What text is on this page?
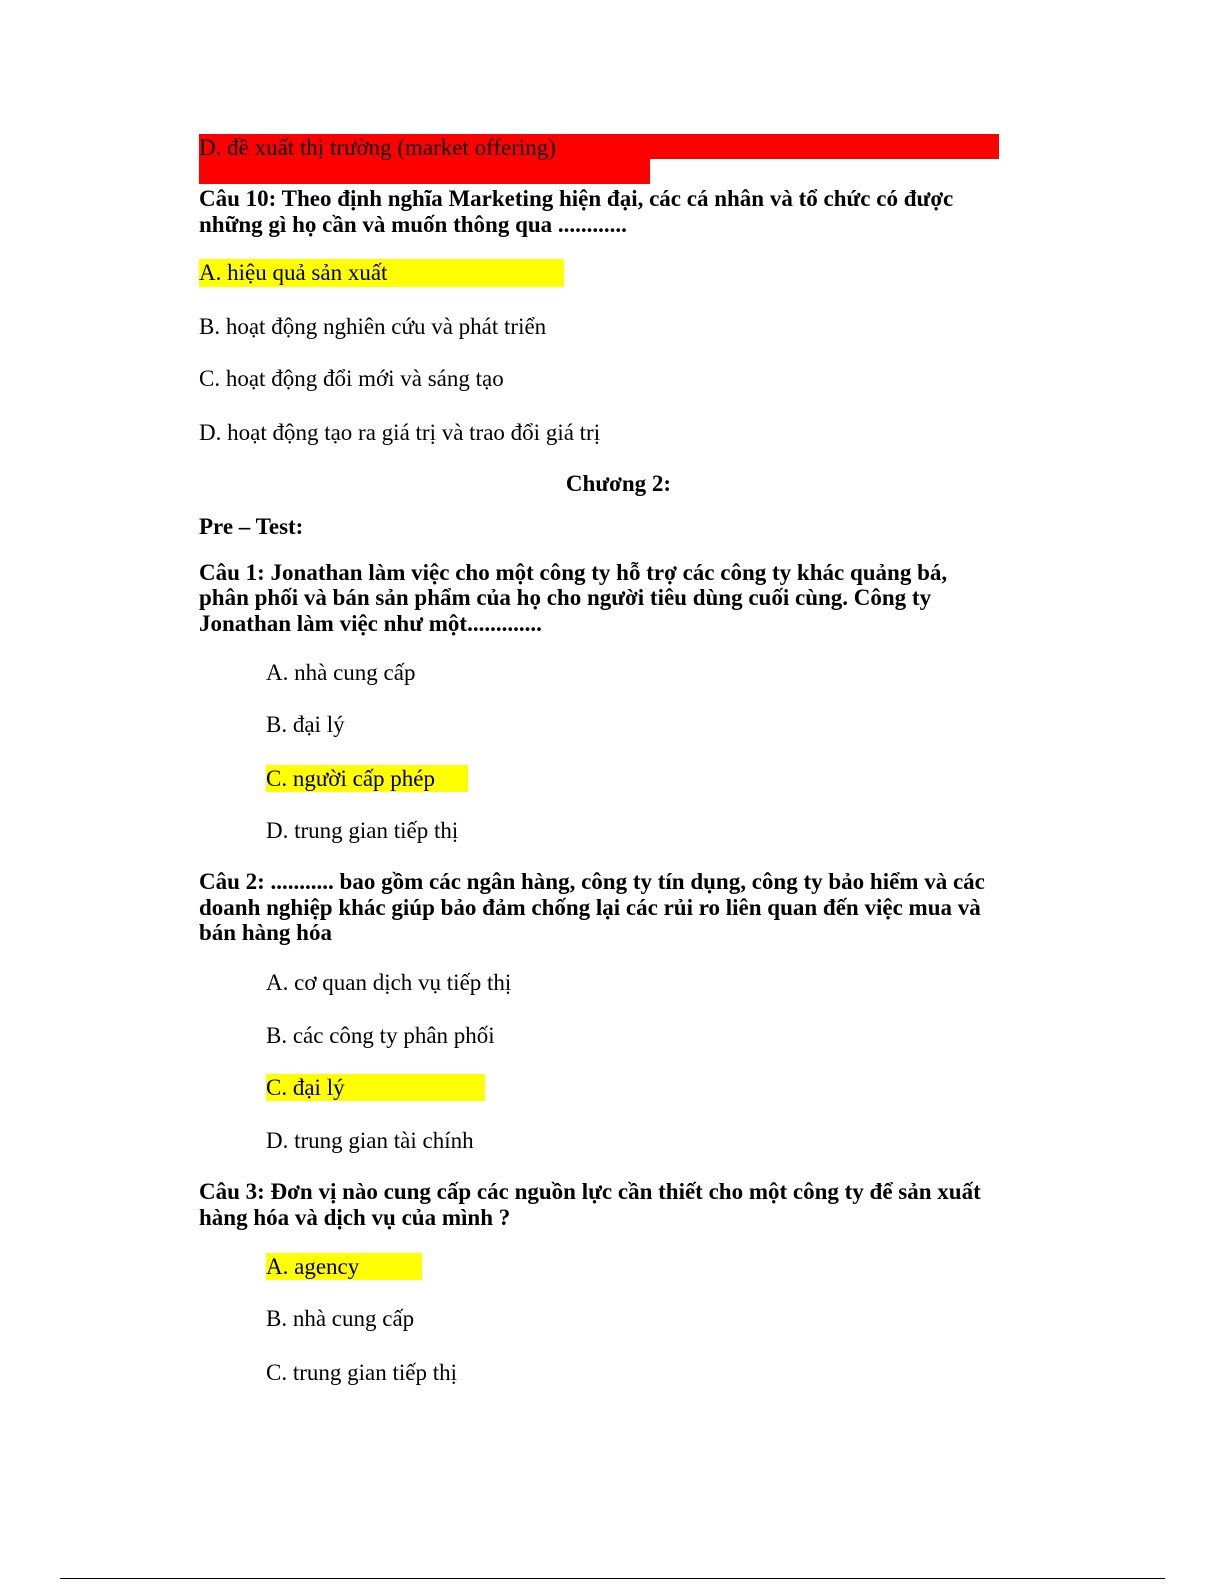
D. đề xuất thị trường (market offering)
Câu 10: Theo định nghĩa Marketing hiện đại, các cá nhân và tổ chức có được
những gì họ cần và muốn thông qua ............
A. hiệu quả sản xuất
B. hoạt động nghiên cứu và phát triển
C. hoạt động đổi mới và sáng tạo
D. hoạt động tạo ra giá trị và trao đổi giá trị
Chương 2:
Pre – Test:
Câu 1: Jonathan làm việc cho một công ty hỗ trợ các công ty khác quảng bá,
phân phối và bán sản phẩm của họ cho người tiêu dùng cuối cùng. Công ty
Jonathan làm việc như một.............
A. nhà cung cấp
B. đại lý
C. người cấp phép
D. trung gian tiếp thị
Câu 2: ........... bao gồm các ngân hàng, công ty tín dụng, công ty bảo hiểm và các
doanh nghiệp khác giúp bảo đảm chống lại các rủi ro liên quan đến việc mua và
bán hàng hóa
A. cơ quan dịch vụ tiếp thị
B. các công ty phân phối
C. đại lý
D. trung gian tài chính
Câu 3: Đơn vị nào cung cấp các nguồn lực cần thiết cho một công ty để sản xuất
hàng hóa và dịch vụ của mình ?
A. agency
B. nhà cung cấp
C. trung gian tiếp thị
